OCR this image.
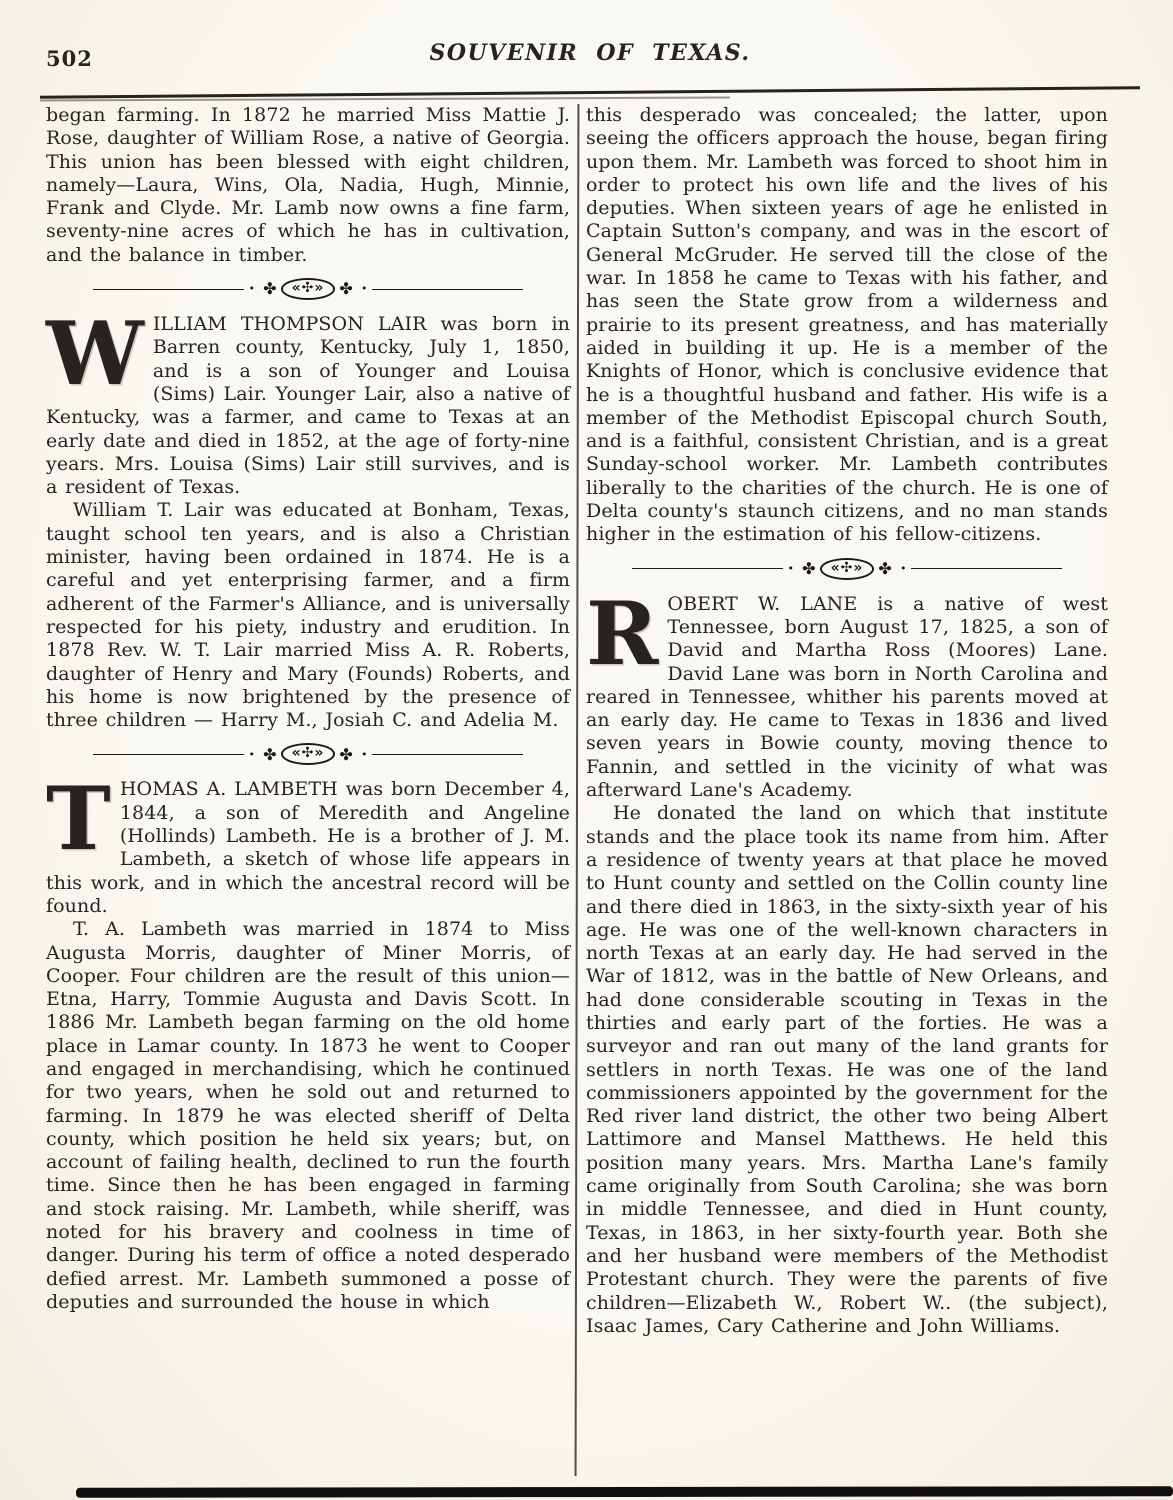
502	SOUVENIR OF TEXAS.

began farming. In 1872 he married Miss Mattie J. Rose, daughter of William Rose, a native of Georgia. This union has been blessed with eight children, namely—Laura, Wins, Ola, Nadia, Hugh, Minnie, Frank and Clyde. Mr. Lamb now owns a fine farm, seventy-nine acres of which he has in cultivation, and the balance in timber.

• ✤	«✣» ✤ •

WILLIAM THOMPSON LAIR was born in Barren county, Kentucky, July 1, 1850, and is a son of Younger and Louisa (Sims) Lair. Younger Lair, also a native of Kentucky, was a farmer, and came to Texas at an early date and died in 1852, at the age of forty-nine years. Mrs. Louisa (Sims) Lair still survives, and is a resident of Texas.

William T. Lair was educated at Bonham, Texas, taught school ten years, and is also a Christian minister, having been ordained in 1874. He is a careful and yet enterprising farmer, and a firm adherent of the Farmer's Alliance, and is universally respected for his piety, industry and erudition. In 1878 Rev. W. T. Lair married Miss A. R. Roberts, daughter of Henry and Mary (Founds) Roberts, and his home is now brightened by the presence of three children — Harry M., Josiah C. and Adelia M.

• ✤	«✣» ✤ •

THOMAS A. LAMBETH was born December 4, 1844, a son of Meredith and Angeline (Hollinds) Lambeth. He is a brother of J. M. Lambeth, a sketch of whose life appears in this work, and in which the ancestral record will be found.

T. A. Lambeth was married in 1874 to Miss Augusta Morris, daughter of Miner Morris, of Cooper. Four children are the result of this union—Etna, Harry, Tommie Augusta and Davis Scott. In 1886 Mr. Lambeth began farming on the old home place in Lamar county. In 1873 he went to Cooper and engaged in merchandising, which he continued for two years, when he sold out and returned to farming. In 1879 he was elected sheriff of Delta county, which position he held six years; but, on account of failing health, declined to run the fourth time. Since then he has been engaged in farming and stock raising. Mr. Lambeth, while sheriff, was noted for his bravery and coolness in time of danger. During his term of office a noted desperado defied arrest. Mr. Lambeth summoned a posse of deputies and surrounded the house in which

this desperado was concealed; the latter, upon seeing the officers approach the house, began firing upon them. Mr. Lambeth was forced to shoot him in order to protect his own life and the lives of his deputies. When sixteen years of age he enlisted in Captain Sutton's company, and was in the escort of General McGruder. He served till the close of the war. In 1858 he came to Texas with his father, and has seen the State grow from a wilderness and prairie to its present greatness, and has materially aided in building it up. He is a member of the Knights of Honor, which is conclusive evidence that he is a thoughtful husband and father. His wife is a member of the Methodist Episcopal church South, and is a faithful, consistent Christian, and is a great Sunday-school worker. Mr. Lambeth contributes liberally to the charities of the church. He is one of Delta county's staunch citizens, and no man stands higher in the estimation of his fellow-citizens.

• ✤	«✣» ✤ •

ROBERT W. LANE is a native of west Tennessee, born August 17, 1825, a son of David and Martha Ross (Moores) Lane. David Lane was born in North Carolina and reared in Tennessee, whither his parents moved at an early day. He came to Texas in 1836 and lived seven years in Bowie county, moving thence to Fannin, and settled in the vicinity of what was afterward Lane's Academy.

He donated the land on which that institute stands and the place took its name from him. After a residence of twenty years at that place he moved to Hunt county and settled on the Collin county line and there died in 1863, in the sixty-sixth year of his age. He was one of the well-known characters in north Texas at an early day. He had served in the War of 1812, was in the battle of New Orleans, and had done considerable scouting in Texas in the thirties and early part of the forties. He was a surveyor and ran out many of the land grants for settlers in north Texas. He was one of the land commissioners appointed by the government for the Red river land district, the other two being Albert Lattimore and Mansel Matthews. He held this position many years. Mrs. Martha Lane's family came originally from South Carolina; she was born in middle Tennessee, and died in Hunt county, Texas, in 1863, in her sixty-fourth year. Both she and her husband were members of the Methodist Protestant church. They were the parents of five children—Elizabeth W., Robert W.. (the subject), Isaac James, Cary Catherine and John Williams.
